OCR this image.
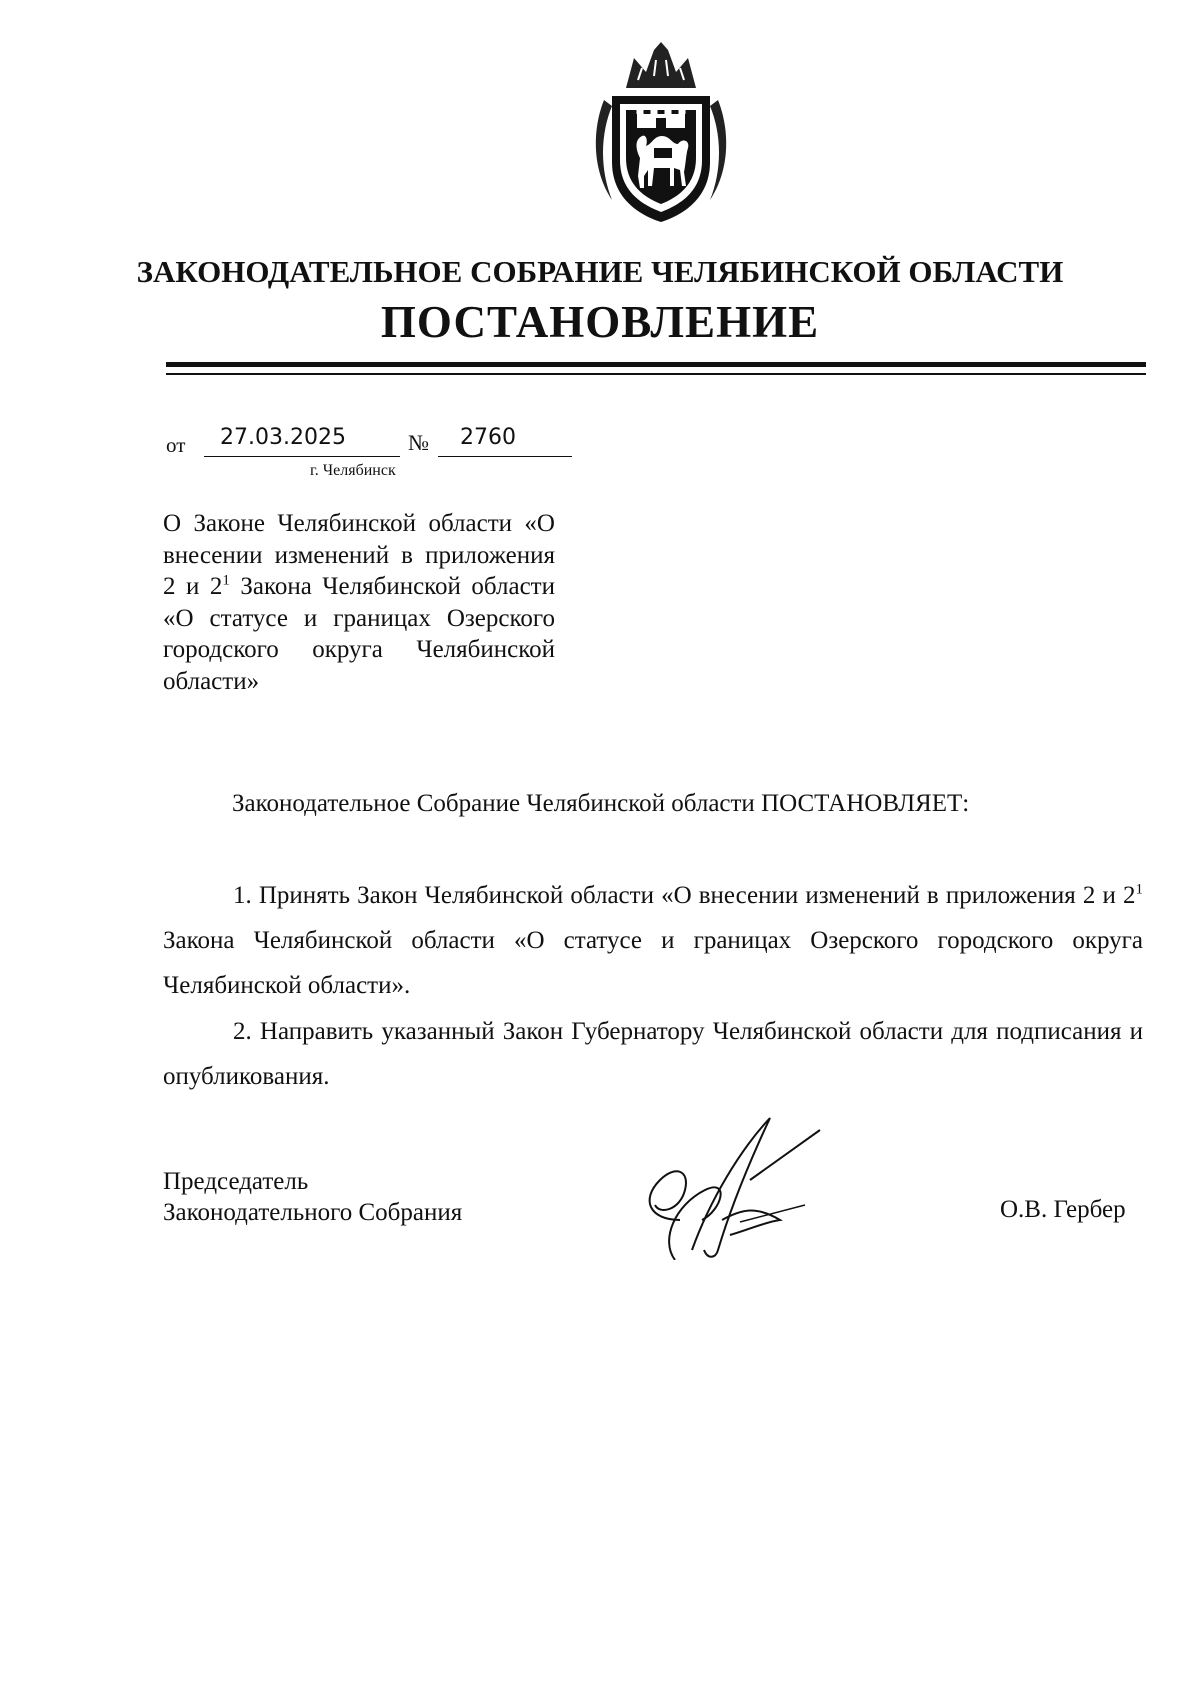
ЗАКОНОДАТЕЛЬНОЕ СОБРАНИЕ ЧЕЛЯБИНСКОЙ ОБЛАСТИ
ПОСТАНОВЛЕНИЕ
от 27.03.2025	№ 2760
г. Челябинск
О Законе Челябинской области «О внесении изменений в приложения 2 и $2^1$ Закона Челябинской области «О статусе и границах Озерского городского округа Челябинской области»
Законодательное Собрание Челябинской области ПОСТАНОВЛЯЕТ:
1. Принять Закон Челябинской области «О внесении изменений в приложения 2 и $2^1$ Закона Челябинской области «О статусе и границах Озерского городского округа Челябинской области».
2. Направить указанный Закон Губернатору Челябинской области для подписания и опубликования.
Председатель
Законодательного Собрания	О.В. Гербер
